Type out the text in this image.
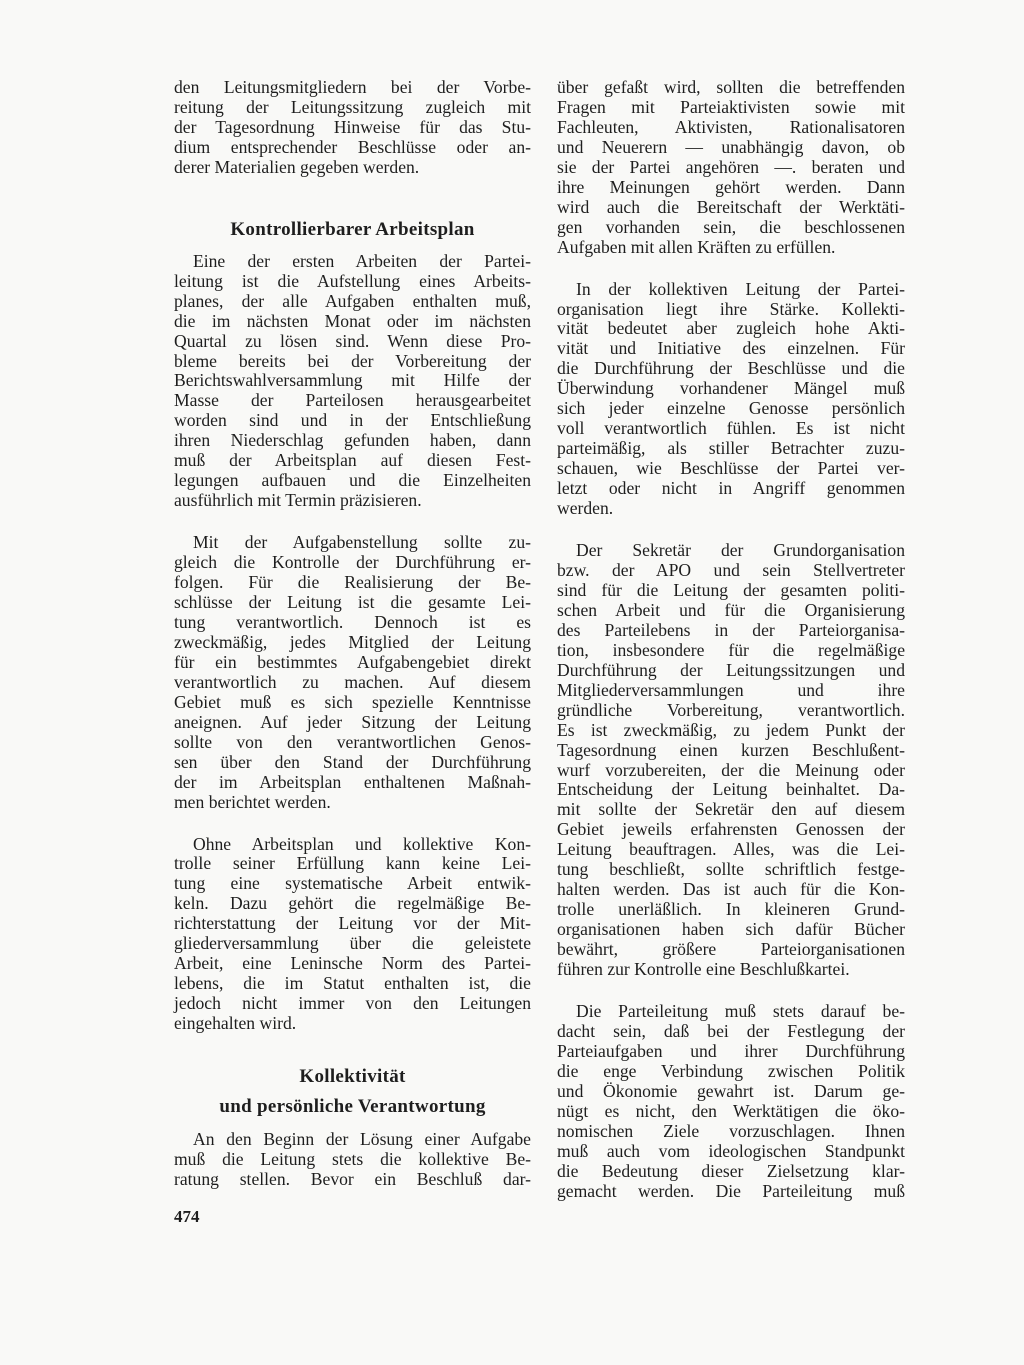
den Leitungsmitgliedern bei der Vorbe-
reitung der Leitungssitzung zugleich mit
der Tagesordnung Hinweise für das Stu-
dium entsprechender Beschlüsse oder an-
derer Materialien gegeben werden.
Kontrollierbarer Arbeitsplan
Eine der ersten Arbeiten der Partei-
leitung ist die Aufstellung eines Arbeits-
planes, der alle Aufgaben enthalten muß,
die im nächsten Monat oder im nächsten
Quartal zu lösen sind. Wenn diese Pro-
bleme bereits bei der Vorbereitung der
Berichtswahlversammlung mit Hilfe der
Masse der Parteilosen herausgearbeitet
worden sind und in der Entschließung
ihren Niederschlag gefunden haben, dann
muß der Arbeitsplan auf diesen Fest-
legungen aufbauen und die Einzelheiten
ausführlich mit Termin präzisieren.
Mit der Aufgabenstellung sollte zu-
gleich die Kontrolle der Durchführung er-
folgen. Für die Realisierung der Be-
schlüsse der Leitung ist die gesamte Lei-
tung verantwortlich. Dennoch ist es
zweckmäßig, jedes Mitglied der Leitung
für ein bestimmtes Aufgabengebiet direkt
verantwortlich zu machen. Auf diesem
Gebiet muß es sich spezielle Kenntnisse
aneignen. Auf jeder Sitzung der Leitung
sollte von den verantwortlichen Genos-
sen über den Stand der Durchführung
der im Arbeitsplan enthaltenen Maßnah-
men berichtet werden.
Ohne Arbeitsplan und kollektive Kon-
trolle seiner Erfüllung kann keine Lei-
tung eine systematische Arbeit entwik-
keln. Dazu gehört die regelmäßige Be-
richterstattung der Leitung vor der Mit-
gliederversammlung über die geleistete
Arbeit, eine Leninsche Norm des Partei-
lebens, die im Statut enthalten ist, die
jedoch nicht immer von den Leitungen
eingehalten wird.
Kollektivität
und persönliche Verantwortung
An den Beginn der Lösung einer Aufgabe
muß die Leitung stets die kollektive Be-
ratung stellen. Bevor ein Beschluß dar-
über gefaßt wird, sollten die betreffenden
Fragen mit Parteiaktivisten sowie mit
Fachleuten, Aktivisten, Rationalisatoren
und Neuerern — unabhängig davon, ob
sie der Partei angehören —. beraten und
ihre Meinungen gehört werden. Dann
wird auch die Bereitschaft der Werktäti-
gen vorhanden sein, die beschlossenen
Aufgaben mit allen Kräften zu erfüllen.
In der kollektiven Leitung der Partei-
organisation liegt ihre Stärke. Kollekti-
vität bedeutet aber zugleich hohe Akti-
vität und Initiative des einzelnen. Für
die Durchführung der Beschlüsse und die
Überwindung vorhandener Mängel muß
sich jeder einzelne Genosse persönlich
voll verantwortlich fühlen. Es ist nicht
parteimäßig, als stiller Betrachter zuzu-
schauen, wie Beschlüsse der Partei ver-
letzt oder nicht in Angriff genommen
werden.
Der Sekretär der Grundorganisation
bzw. der APO und sein Stellvertreter
sind für die Leitung der gesamten politi-
schen Arbeit und für die Organisierung
des Parteilebens in der Parteiorganisa-
tion, insbesondere für die regelmäßige
Durchführung der Leitungssitzungen und
Mitgliederversammlungen und ihre
gründliche Vorbereitung, verantwortlich.
Es ist zweckmäßig, zu jedem Punkt der
Tagesordnung einen kurzen Beschlußent-
wurf vorzubereiten, der die Meinung oder
Entscheidung der Leitung beinhaltet. Da-
mit sollte der Sekretär den auf diesem
Gebiet jeweils erfahrensten Genossen der
Leitung beauftragen. Alles, was die Lei-
tung beschließt, sollte schriftlich festge-
halten werden. Das ist auch für die Kon-
trolle unerläßlich. In kleineren Grund-
organisationen haben sich dafür Bücher
bewährt, größere Parteiorganisationen
führen zur Kontrolle eine Beschlußkartei.
Die Parteileitung muß stets darauf be-
dacht sein, daß bei der Festlegung der
Parteiaufgaben und ihrer Durchführung
die enge Verbindung zwischen Politik
und Ökonomie gewahrt ist. Darum ge-
nügt es nicht, den Werktätigen die öko-
nomischen Ziele vorzuschlagen. Ihnen
muß auch vom ideologischen Standpunkt
die Bedeutung dieser Zielsetzung klar-
gemacht werden. Die Parteileitung muß
474
